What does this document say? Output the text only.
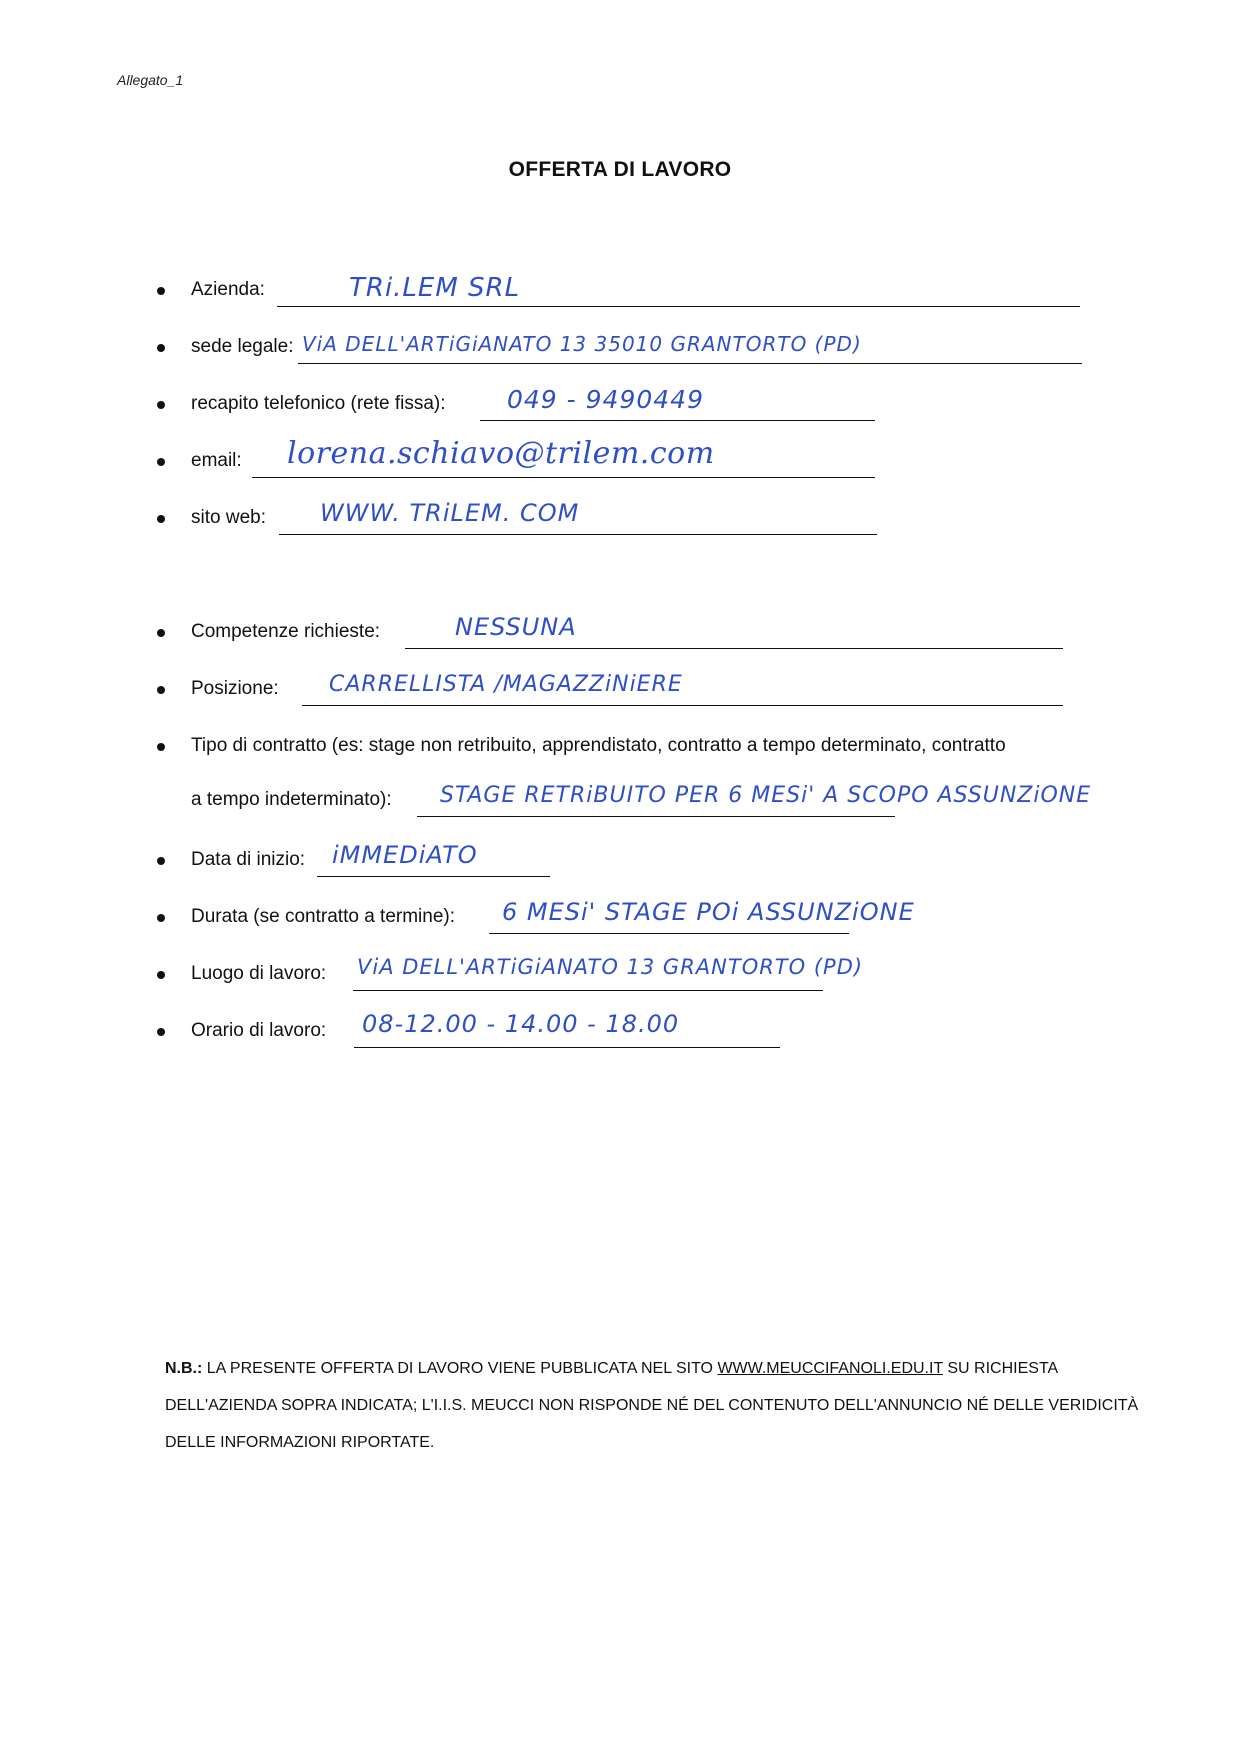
Allegato_1
OFFERTA DI LAVORO
Azienda:	TRi.LEM SRL
sede legale: ViA DELL'ARTiGiANATO 13 35010 GRANTORTO (PD)
recapito telefonico (rete fissa): 049 - 9490449
email: lorena.schiavo@trilem.com
sito web: WWW. TRiLEM. COM
Competenze richieste:	NESSUNA
Posizione: CARRELLISTA /MAGAZZiNiERE
Tipo di contratto (es: stage non retribuito, apprendistato, contratto a tempo determinato, contratto
a tempo indeterminato): STAGE RETRiBUITO PER 6 MESi' A SCOPO ASSUNZiONE
Data di inizio: iMMEDiATO
Durata (se contratto a termine): 6 MESi' STAGE POi ASSUNZiONE
Luogo di lavoro: ViA DELL'ARTiGiANATO 13 GRANTORTO (PD)
Orario di lavoro: 08-12.00 - 14.00 - 18.00
N.B.: LA PRESENTE OFFERTA DI LAVORO VIENE PUBBLICATA NEL SITO WWW.MEUCCIFANOLI.EDU.IT SU RICHIESTA DELL'AZIENDA SOPRA INDICATA; L'I.I.S. MEUCCI NON RISPONDE NÉ DEL CONTENUTO DELL'ANNUNCIO NÉ DELLE VERIDICITÀ DELLE INFORMAZIONI RIPORTATE.
